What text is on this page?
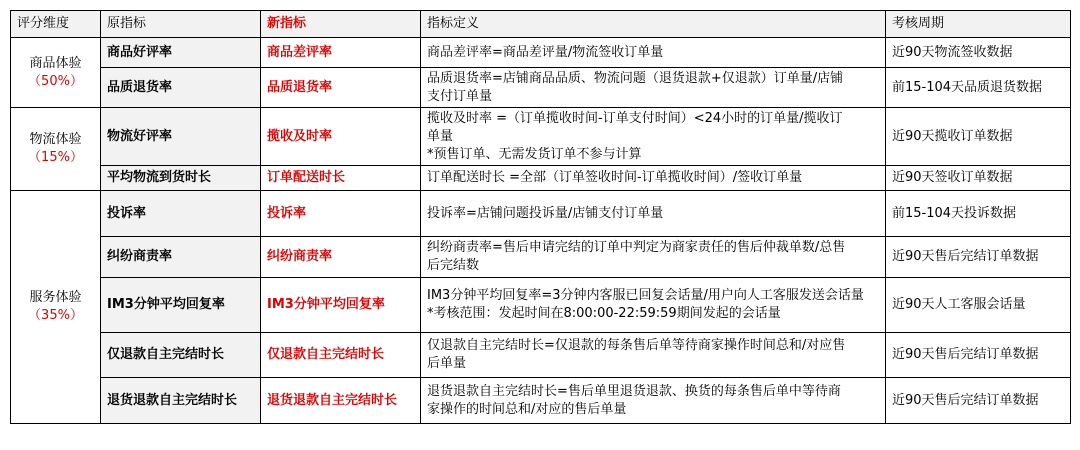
评分维度	原指标	新指标	指标定义	考核周期
商品体验
（50%）	商品好评率	商品差评率	商品差评率=商品差评量/物流签收订单量	近90天物流签收数据
	品质退货率	品质退货率	品质退货率=店铺商品品质、物流问题（退货退款+仅退款）订单量/店铺
支付订单量	前15-104天品质退货数据
物流体验
（15%）	物流好评率	揽收及时率	揽收及时率 =（订单揽收时间-订单支付时间）<24小时的订单量/揽收订
单量
*预售订单、无需发货订单不参与计算	近90天揽收订单数据
	平均物流到货时长	订单配送时长	订单配送时长 =全部（订单签收时间-订单揽收时间）/签收订单量	近90天签收订单数据
服务体验
（35%）	投诉率	投诉率	投诉率=店铺问题投诉量/店铺支付订单量	前15-104天投诉数据
	纠纷商责率	纠纷商责率	纠纷商责率=售后申请完结的订单中判定为商家责任的售后仲裁单数/总售
后完结数	近90天售后完结订单数据
	IM3分钟平均回复率	IM3分钟平均回复率	IM3分钟平均回复率=3分钟内客服已回复会话量/用户向人工客服发送会话量
*考核范围：发起时间在8:00:00-22:59:59期间发起的会话量	近90天人工客服会话量
	仅退款自主完结时长	仅退款自主完结时长	仅退款自主完结时长=仅退款的每条售后单等待商家操作时间总和/对应售
后单量	近90天售后完结订单数据
	退货退款自主完结时长	退货退款自主完结时长	退货退款自主完结时长=售后单里退货退款、换货的每条售后单中等待商
家操作的时间总和/对应的售后单量	近90天售后完结订单数据
